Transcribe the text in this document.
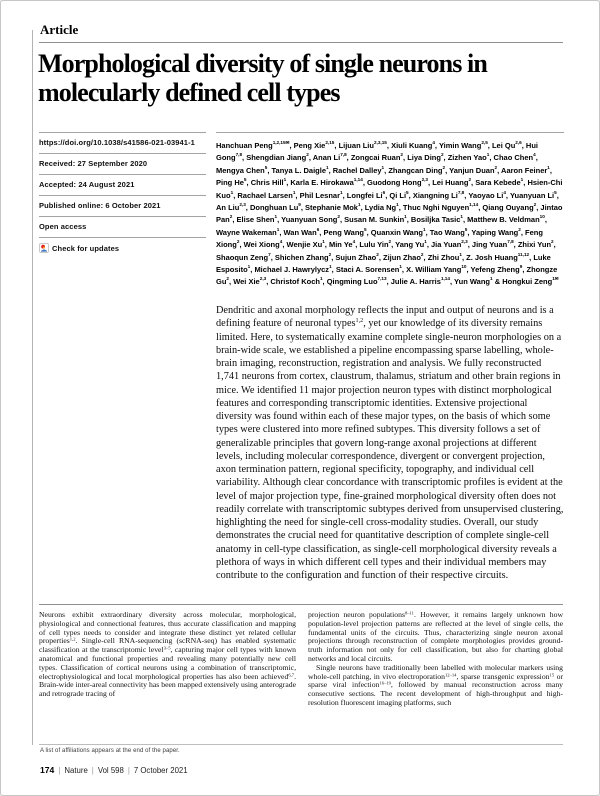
Article
Morphological diversity of single neurons in molecularly defined cell types
https://doi.org/10.1038/s41586-021-03941-1
Received: 27 September 2020
Accepted: 24 August 2021
Published online: 6 October 2021
Open access
Check for updates
Hanchuan Peng$^{1,2,15✉}$, Peng Xie$^{2,15}$, Lijuan Liu$^{2,3,15}$, Xiuli Kuang$^4$, Yimin Wang$^{2,5}$, Lei Qu$^{2,6}$, Hui Gong$^{7,8}$, Shengdian Jiang$^2$, Anan Li$^{7,8}$, Zongcai Ruan$^2$, Liya Ding$^2$, Zizhen Yao$^1$, Chao Chen$^4$, Mengya Chen$^5$, Tanya L. Daigle$^1$, Rachel Dalley$^1$, Zhangcan Ding$^2$, Yanjun Duan$^2$, Aaron Feiner$^1$, Ping He$^5$, Chris Hill$^1$, Karla E. Hirokawa$^{1,14}$, Guodong Hong$^{2,3}$, Lei Huang$^2$, Sara Kebede$^1$, Hsien-Chi Kuo$^1$, Rachael Larsen$^1$, Phil Lesnar$^1$, Longfei Li$^6$, Qi Li$^5$, Xiangning Li$^{7,8}$, Yaoyao Li$^4$, Yuanyuan Li$^5$, An Liu$^{2,3}$, Donghuan Lu$^9$, Stephanie Mok$^1$, Lydia Ng$^1$, Thuc Nghi Nguyen$^{1,14}$, Qiang Ouyang$^2$, Jintao Pan$^2$, Elise Shen$^1$, Yuanyuan Song$^2$, Susan M. Sunkin$^1$, Bosiljka Tasic$^1$, Matthew B. Veldman$^{10}$, Wayne Wakeman$^1$, Wan Wan$^6$, Peng Wang$^5$, Quanxin Wang$^1$, Tao Wang$^5$, Yaping Wang$^2$, Feng Xiong$^2$, Wei Xiong$^4$, Wenjie Xu$^1$, Min Ye$^4$, Lulu Yin$^2$, Yang Yu$^1$, Jia Yuan$^{2,3}$, Jing Yuan$^{7,8}$, Zhixi Yun$^2$, Shaoqun Zeng$^7$, Shichen Zhang$^2$, Sujun Zhao$^2$, Zijun Zhao$^2$, Zhi Zhou$^1$, Z. Josh Huang$^{11,12}$, Luke Esposito$^1$, Michael J. Hawrylycz$^1$, Staci A. Sorensen$^1$, X. William Yang$^{10}$, Yefeng Zheng$^9$, Zhongze Gu$^2$, Wei Xie$^{2,3}$, Christof Koch$^1$, Qingming Luo$^{7,13}$, Julie A. Harris$^{1,14}$, Yun Wang$^1$ & Hongkui Zeng$^{1✉}$
Dendritic and axonal morphology reflects the input and output of neurons and is a defining feature of neuronal types$^{1,2}$, yet our knowledge of its diversity remains limited. Here, to systematically examine complete single-neuron morphologies on a brain-wide scale, we established a pipeline encompassing sparse labelling, whole-brain imaging, reconstruction, registration and analysis. We fully reconstructed 1,741 neurons from cortex, claustrum, thalamus, striatum and other brain regions in mice. We identified 11 major projection neuron types with distinct morphological features and corresponding transcriptomic identities. Extensive projectional diversity was found within each of these major types, on the basis of which some types were clustered into more refined subtypes. This diversity follows a set of generalizable principles that govern long-range axonal projections at different levels, including molecular correspondence, divergent or convergent projection, axon termination pattern, regional specificity, topography, and individual cell variability. Although clear concordance with transcriptomic profiles is evident at the level of major projection type, fine-grained morphological diversity often does not readily correlate with transcriptomic subtypes derived from unsupervised clustering, highlighting the need for single-cell cross-modality studies. Overall, our study demonstrates the crucial need for quantitative description of complete single-cell anatomy in cell-type classification, as single-cell morphological diversity reveals a plethora of ways in which different cell types and their individual members may contribute to the configuration and function of their respective circuits.

Neurons exhibit extraordinary diversity across molecular, morphological, physiological and connectional features, thus accurate classification and mapping of cell types needs to consider and integrate these distinct yet related cellular properties$^{1,2}$. Single-cell RNA-sequencing (scRNA-seq) has enabled systematic classification at the transcriptomic level$^{3-5}$, capturing major cell types with known anatomical and functional properties and revealing many potentially new cell types. Classification of cortical neurons using a combination of transcriptomic, electrophysiological and local morphological properties has also been achieved$^{6,7}$. Brain-wide inter-areal connectivity has been mapped extensively using anterograde and retrograde tracing of

projection neuron populations$^{8-11}$. However, it remains largely unknown how population-level projection patterns are reflected at the level of single cells, the fundamental units of the circuits. Thus, characterizing single neuron axonal projections through reconstruction of complete morphologies provides ground-truth information not only for cell classification, but also for charting global networks and local circuits.

Single neurons have traditionally been labelled with molecular markers using whole-cell patching, in vivo electroporation$^{12-14}$, sparse transgenic expression$^{15}$ or sparse viral infection$^{16-19}$, followed by manual reconstruction across many consecutive sections. The recent development of high-throughput and high-resolution fluorescent imaging platforms, such

A list of affiliations appears at the end of the paper.
174 | Nature | Vol 598 | 7 October 2021
